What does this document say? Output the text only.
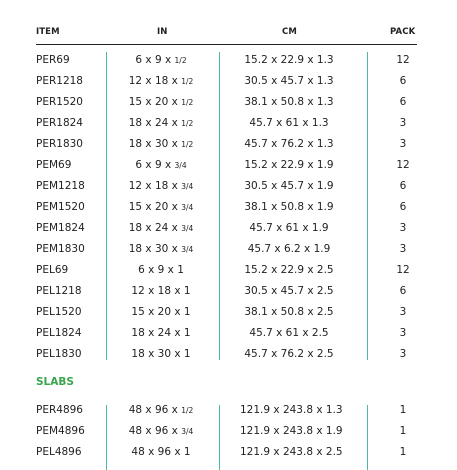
ITEM	IN	CM	PACK
PER69	6 x 9 x 1/2	15.2 x 22.9 x 1.3	12
PER1218	12 x 18 x 1/2	30.5 x 45.7 x 1.3	6
PER1520	15 x 20 x 1/2	38.1 x 50.8 x 1.3	6
PER1824	18 x 24 x 1/2	45.7 x 61 x 1.3	3
PER1830	18 x 30 x 1/2	45.7 x 76.2 x 1.3	3
PEM69	6 x 9 x 3/4	15.2 x 22.9 x 1.9	12
PEM1218	12 x 18 x 3/4	30.5 x 45.7 x 1.9	6
PEM1520	15 x 20 x 3/4	38.1 x 50.8 x 1.9	6
PEM1824	18 x 24 x 3/4	45.7 x 61 x 1.9	3
PEM1830	18 x 30 x 3/4	45.7 x 6.2 x 1.9	3
PEL69	6 x 9 x 1	15.2 x 22.9 x 2.5	12
PEL1218	12 x 18 x 1	30.5 x 45.7 x 2.5	6
PEL1520	15 x 20 x 1	38.1 x 50.8 x 2.5	3
PEL1824	18 x 24 x 1	45.7 x 61 x 2.5	3
PEL1830	18 x 30 x 1	45.7 x 76.2 x 2.5	3
SLABS
PER4896	48 x 96 x 1/2	121.9 x 243.8 x 1.3	1
PEM4896	48 x 96 x 3/4	121.9 x 243.8 x 1.9	1
PEL4896	48 x 96 x 1	121.9 x 243.8 x 2.5	1
